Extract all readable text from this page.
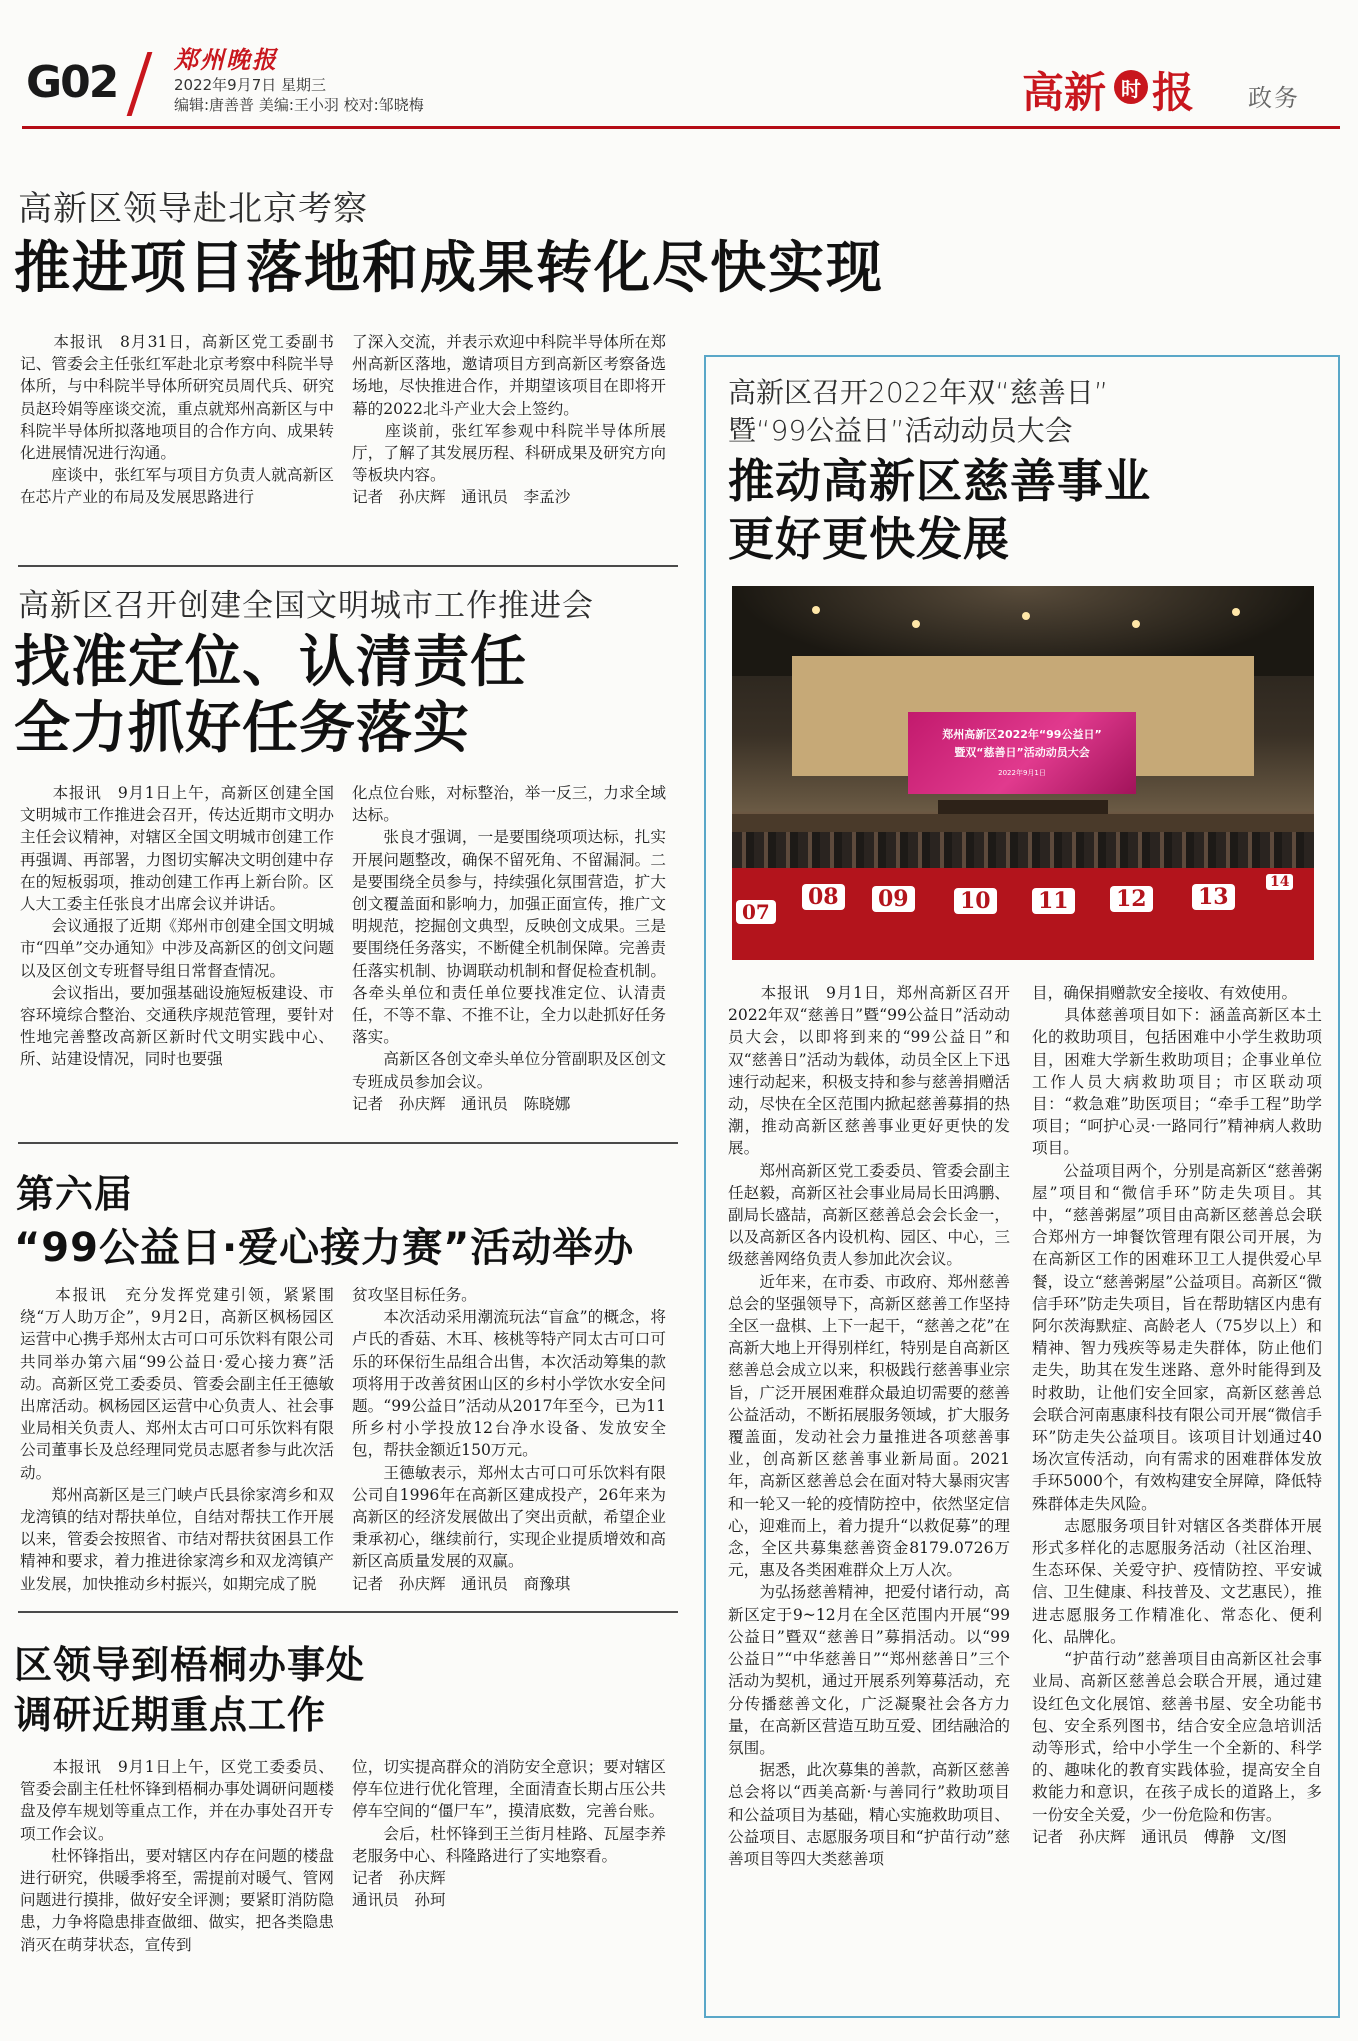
G02 郑州晚报
2022年9月7日 星期三
编辑:唐善普 美编:王小羽 校对:邹晓梅	高新 时 报 政务
高新区领导赴北京考察
推进项目落地和成果转化尽快实现

　　本报讯　8月31日，高新区党工委副书记、管委会主任张红军赴北京考察中科院半导体所，与中科院半导体所研究员周代兵、研究员赵玲娟等座谈交流，重点就郑州高新区与中科院半导体所拟落地项目的合作方向、成果转化进展情况进行沟通。

　　座谈中，张红军与项目方负责人就高新区在芯片产业的布局及发展思路进行

了深入交流，并表示欢迎中科院半导体所在郑州高新区落地，邀请项目方到高新区考察备选场地，尽快推进合作，并期望该项目在即将开幕的2022北斗产业大会上签约。

　　座谈前，张红军参观中科院半导体所展厅，了解了其发展历程、科研成果及研究方向等板块内容。

记者　孙庆辉　通讯员　李孟沙

高新区召开创建全国文明城市工作推进会
找准定位、认清责任
全力抓好任务落实

　　本报讯　9月1日上午，高新区创建全国文明城市工作推进会召开，传达近期市文明办主任会议精神，对辖区全国文明城市创建工作再强调、再部署，力图切实解决文明创建中存在的短板弱项，推动创建工作再上新台阶。区人大工委主任张良才出席会议并讲话。

　　会议通报了近期《郑州市创建全国文明城市“四单”交办通知》中涉及高新区的创文问题以及区创文专班督导组日常督查情况。

　　会议指出，要加强基础设施短板建设、市容环境综合整治、交通秩序规范管理，要针对性地完善整改高新区新时代文明实践中心、所、站建设情况，同时也要强

化点位台账，对标整治，举一反三，力求全域达标。

　　张良才强调，一是要围绕项项达标，扎实开展问题整改，确保不留死角、不留漏洞。二是要围绕全员参与，持续强化氛围营造，扩大创文覆盖面和影响力，加强正面宣传，推广文明规范，挖掘创文典型，反映创文成果。三是要围绕任务落实，不断健全机制保障。完善责任落实机制、协调联动机制和督促检查机制。各牵头单位和责任单位要找准定位、认清责任，不等不靠、不推不让，全力以赴抓好任务落实。

　　高新区各创文牵头单位分管副职及区创文专班成员参加会议。

记者　孙庆辉　通讯员　陈晓娜

第六届
“99公益日·爱心接力赛”活动举办

　　本报讯　充分发挥党建引领，紧紧围绕“万人助万企”，9月2日，高新区枫杨园区运营中心携手郑州太古可口可乐饮料有限公司共同举办第六届“99公益日·爱心接力赛”活动。高新区党工委委员、管委会副主任王德敏出席活动。枫杨园区运营中心负责人、社会事业局相关负责人、郑州太古可口可乐饮料有限公司董事长及总经理同党员志愿者参与此次活动。

　　郑州高新区是三门峡卢氏县徐家湾乡和双龙湾镇的结对帮扶单位，自结对帮扶工作开展以来，管委会按照省、市结对帮扶贫困县工作精神和要求，着力推进徐家湾乡和双龙湾镇产业发展，加快推动乡村振兴，如期完成了脱

贫攻坚目标任务。

　　本次活动采用潮流玩法“盲盒”的概念，将卢氏的香菇、木耳、核桃等特产同太古可口可乐的环保衍生品组合出售，本次活动筹集的款项将用于改善贫困山区的乡村小学饮水安全问题。“99公益日”活动从2017年至今，已为11所乡村小学投放12台净水设备、发放安全包，帮扶金额近150万元。

　　王德敏表示，郑州太古可口可乐饮料有限公司自1996年在高新区建成投产，26年来为高新区的经济发展做出了突出贡献，希望企业秉承初心，继续前行，实现企业提质增效和高新区高质量发展的双赢。

记者　孙庆辉　通讯员　商豫琪

区领导到梧桐办事处
调研近期重点工作

　　本报讯　9月1日上午，区党工委委员、管委会副主任杜怀锋到梧桐办事处调研问题楼盘及停车规划等重点工作，并在办事处召开专项工作会议。

　　杜怀锋指出，要对辖区内存在问题的楼盘进行研究，供暖季将至，需提前对暖气、管网问题进行摸排，做好安全评测；要紧盯消防隐患，力争将隐患排查做细、做实，把各类隐患消灭在萌芽状态，宣传到

位，切实提高群众的消防安全意识；要对辖区停车位进行优化管理，全面清查长期占压公共停车空间的“僵尸车”，摸清底数，完善台账。

　　会后，杜怀锋到王兰街月桂路、瓦屋李养老服务中心、科隆路进行了实地察看。

记者　孙庆辉

通讯员　孙珂

高新区召开2022年双“慈善日”
暨“99公益日”活动动员大会
推动高新区慈善事业
更好更快发展
郑州高新区2022年“99公益日”
暨双“慈善日”活动动员大会
2022年9月1日
07
08 09 10 11 12 13
14

　　本报讯　9月1日，郑州高新区召开2022年双“慈善日”暨“99公益日”活动动员大会，以即将到来的“99公益日”和双“慈善日”活动为载体，动员全区上下迅速行动起来，积极支持和参与慈善捐赠活动，尽快在全区范围内掀起慈善募捐的热潮，推动高新区慈善事业更好更快的发展。

　　郑州高新区党工委委员、管委会副主任赵毅，高新区社会事业局局长田鸿鹏、副局长盛喆，高新区慈善总会会长金一，以及高新区各内设机构、园区、中心，三级慈善网络负责人参加此次会议。

　　近年来，在市委、市政府、郑州慈善总会的坚强领导下，高新区慈善工作坚持全区一盘棋、上下一起干，“慈善之花”在高新大地上开得别样红，特别是自高新区慈善总会成立以来，积极践行慈善事业宗旨，广泛开展困难群众最迫切需要的慈善公益活动，不断拓展服务领域，扩大服务覆盖面，发动社会力量推进各项慈善事业，创高新区慈善事业新局面。2021年，高新区慈善总会在面对特大暴雨灾害和一轮又一轮的疫情防控中，依然坚定信心，迎难而上，着力提升“以救促募”的理念，全区共募集慈善资金8179.0726万元，惠及各类困难群众上万人次。

　　为弘扬慈善精神，把爱付诸行动，高新区定于9~12月在全区范围内开展“99公益日”暨双“慈善日”募捐活动。以“99公益日”“中华慈善日”“郑州慈善日”三个活动为契机，通过开展系列筹募活动，充分传播慈善文化，广泛凝聚社会各方力量，在高新区营造互助互爱、团结融洽的氛围。

　　据悉，此次募集的善款，高新区慈善总会将以“西美高新·与善同行”救助项目和公益项目为基础，精心实施救助项目、公益项目、志愿服务项目和“护苗行动”慈善项目等四大类慈善项

目，确保捐赠款安全接收、有效使用。

　　具体慈善项目如下：涵盖高新区本土化的救助项目，包括困难中小学生救助项目，困难大学新生救助项目；企事业单位工作人员大病救助项目；市区联动项目：“救急难”助医项目；“牵手工程”助学项目；“呵护心灵·一路同行”精神病人救助项目。

　　公益项目两个，分别是高新区“慈善粥屋”项目和“微信手环”防走失项目。其中，“慈善粥屋”项目由高新区慈善总会联合郑州方一坤餐饮管理有限公司开展，为在高新区工作的困难环卫工人提供爱心早餐，设立“慈善粥屋”公益项目。高新区“微信手环”防走失项目，旨在帮助辖区内患有阿尔茨海默症、高龄老人（75岁以上）和精神、智力残疾等易走失群体，防止他们走失，助其在发生迷路、意外时能得到及时救助，让他们安全回家，高新区慈善总会联合河南惠康科技有限公司开展“微信手环”防走失公益项目。该项目计划通过40场次宣传活动，向有需求的困难群体发放手环5000个，有效构建安全屏障，降低特殊群体走失风险。

　　志愿服务项目针对辖区各类群体开展形式多样化的志愿服务活动（社区治理、生态环保、关爱守护、疫情防控、平安诚信、卫生健康、科技普及、文艺惠民），推进志愿服务工作精准化、常态化、便利化、品牌化。

　　“护苗行动”慈善项目由高新区社会事业局、高新区慈善总会联合开展，通过建设红色文化展馆、慈善书屋、安全功能书包、安全系列图书，结合安全应急培训活动等形式，给中小学生一个全新的、科学的、趣味化的教育实践体验，提高安全自救能力和意识，在孩子成长的道路上，多一份安全关爱，少一份危险和伤害。

记者　孙庆辉　通讯员　傅静　文/图
